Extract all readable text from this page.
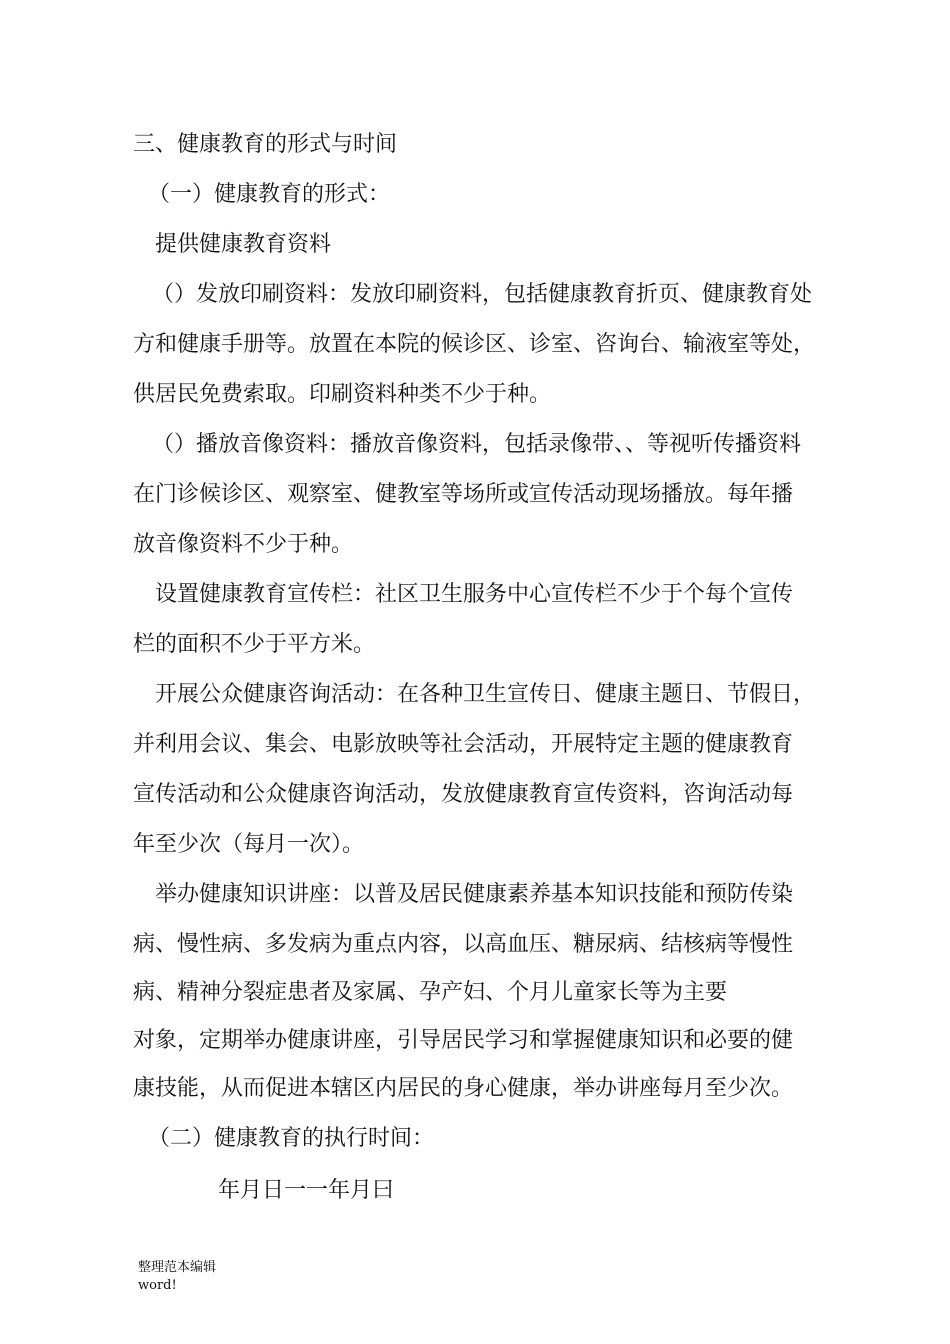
三、健康教育的形式与时间

（一）健康教育的形式：

提供健康教育资料

（）发放印刷资料：发放印刷资料，包括健康教育折页、健康教育处

方和健康手册等。放置在本院的候诊区、诊室、咨询台、输液室等处，

供居民免费索取。印刷资料种类不少于种。

（）播放音像资料：播放音像资料，包括录像带、、等视听传播资料

在门诊候诊区、观察室、健教室等场所或宣传活动现场播放。每年播

放音像资料不少于种。

设置健康教育宣传栏：社区卫生服务中心宣传栏不少于个每个宣传

栏的面积不少于平方米。

开展公众健康咨询活动：在各种卫生宣传日、健康主题日、节假日，

并利用会议、集会、电影放映等社会活动，开展特定主题的健康教育

宣传活动和公众健康咨询活动，发放健康教育宣传资料，咨询活动每

年至少次（每月一次）。

举办健康知识讲座：以普及居民健康素养基本知识技能和预防传染

病、慢性病、多发病为重点内容，以高血压、糖尿病、结核病等慢性

病、精神分裂症患者及家属、孕产妇、个月儿童家长等为主要

对象，定期举办健康讲座，引导居民学习和掌握健康知识和必要的健

康技能，从而促进本辖区内居民的身心健康，举办讲座每月至少次。

（二）健康教育的执行时间：

年月日一一年月曰

整理范本编辑
word!
